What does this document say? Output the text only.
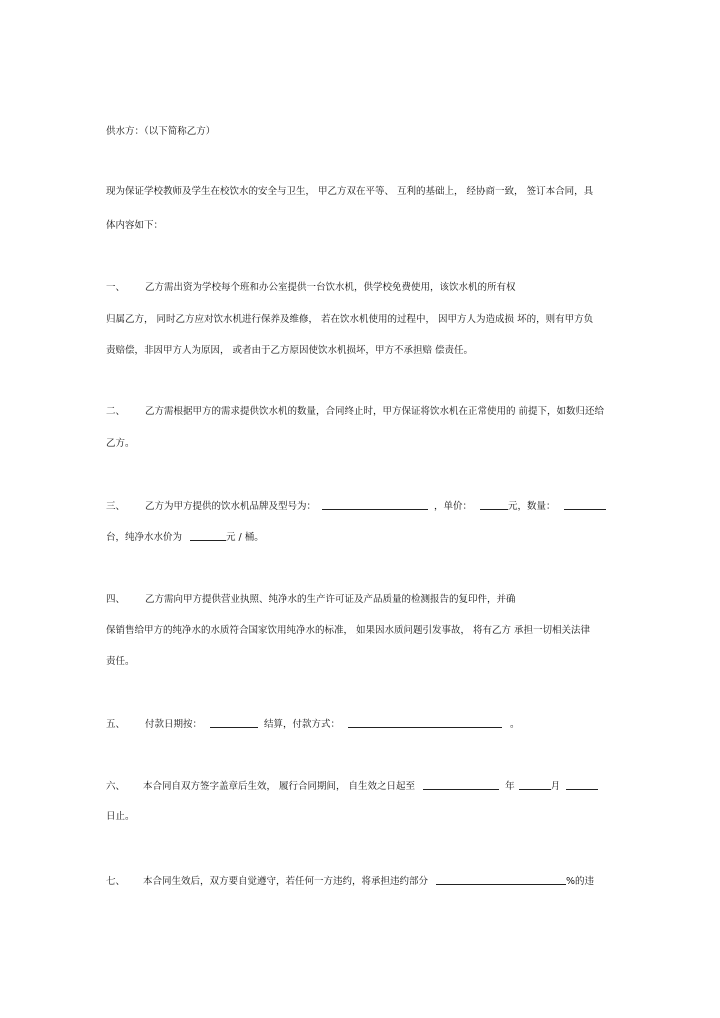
供水方：（以下简称乙方）
现为保证学校教师及学生在校饮水的安全与卫生， 甲乙方双在平等、 互利的基础上， 经协商一致， 签订本合同，具
体内容如下：
一、 乙方需出资为学校每个班和办公室提供一台饮水机，供学校免费使用，该饮水机的所有权
归属乙方， 同时乙方应对饮水机进行保养及维修， 若在饮水机使用的过程中， 因甲方人为造成损 坏的，则有甲方负
责赔偿，非因甲方人为原因， 或者由于乙方原因使饮水机损坏，甲方不承担赔 偿责任。
二、 乙方需根据甲方的需求提供饮水机的数量，合同终止时，甲方保证将饮水机在正常使用的 前提下，如数归还给
乙方。
三、 乙方为甲方提供的饮水机品牌及型号为：	，单价：	元，数量：
台，纯净水水价为	元 / 桶。
四、 乙方需向甲方提供营业执照、纯净水的生产许可证及产品质量的检测报告的复印件，并确
保销售给甲方的纯净水的水质符合国家饮用纯净水的标准， 如果因水质问题引发事故， 将有乙方 承担一切相关法律
责任。
五、 付款日期按：	结算，付款方式：	。
六、 本合同自双方签字盖章后生效， 履行合同期间， 自生效之日起至	年	月
日止。
七、 本合同生效后，双方要自觉遵守，若任何一方违约，将承担违约部分	%的违
